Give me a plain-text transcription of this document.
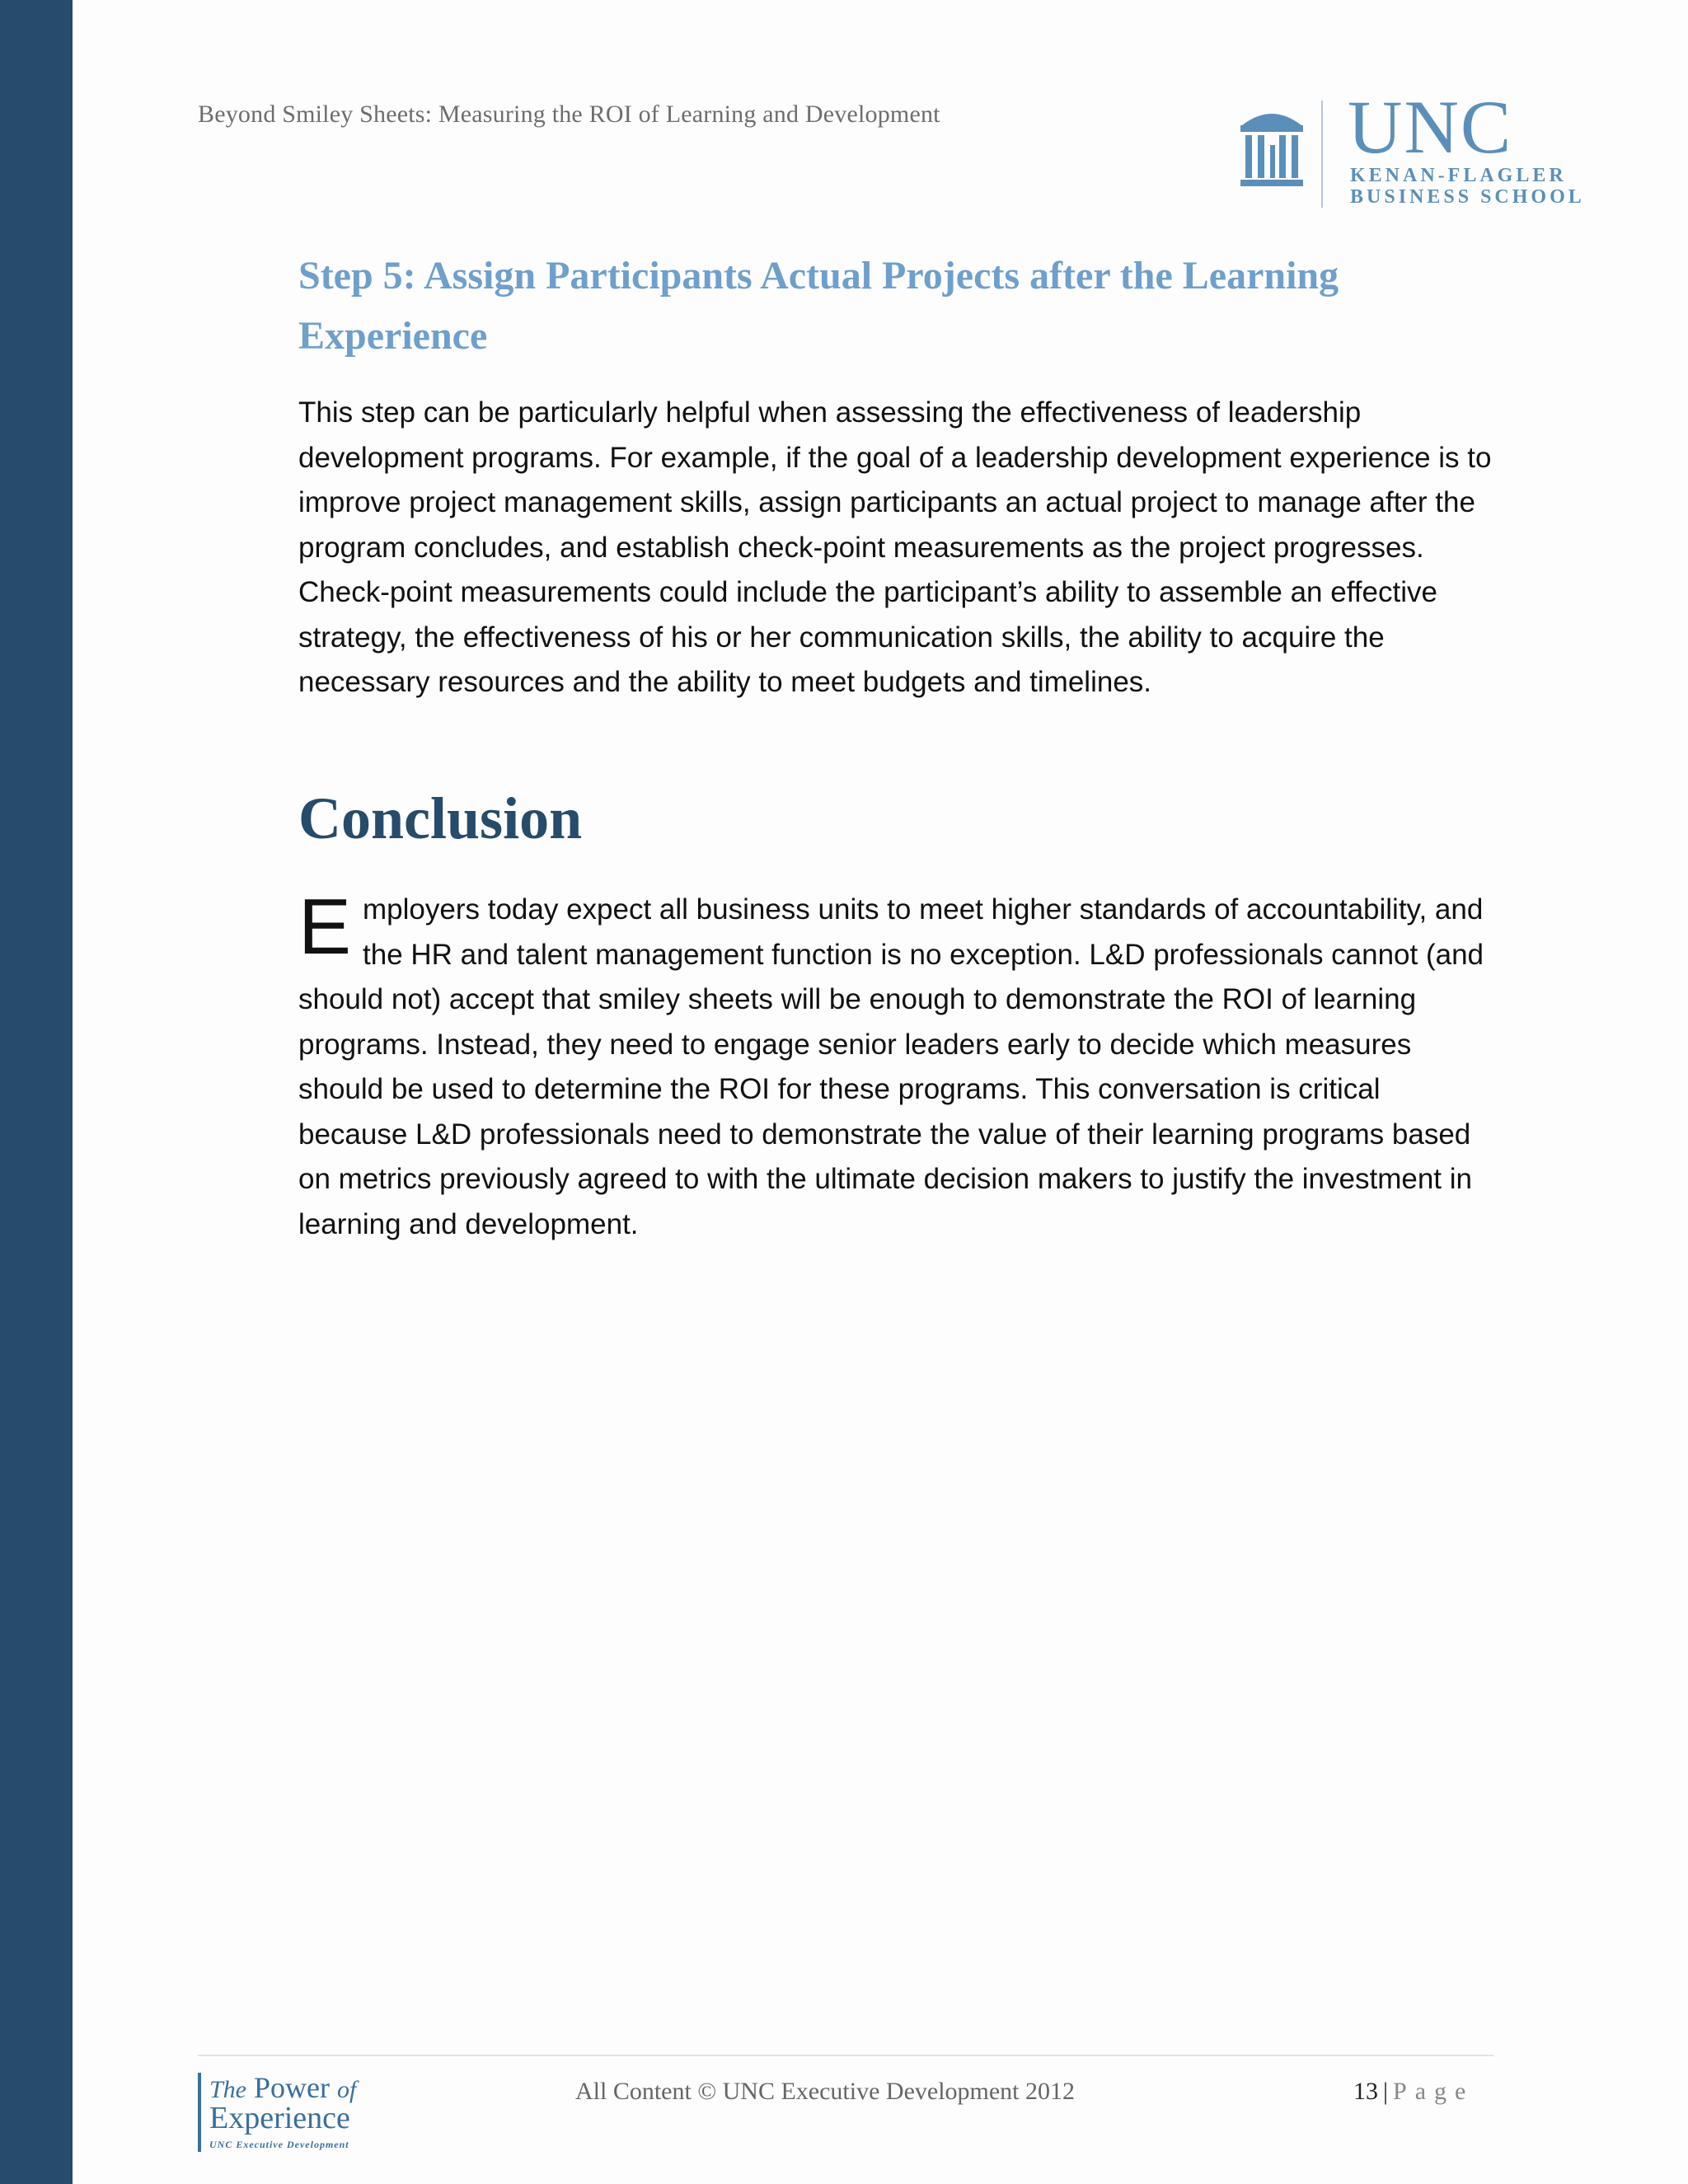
Beyond Smiley Sheets: Measuring the ROI of Learning and Development	UNC
KENAN-FLAGLER
BUSINESS SCHOOL
Step 5: Assign Participants Actual Projects after the Learning Experience

This step can be particularly helpful when assessing the effectiveness of leadership development programs. For example, if the goal of a leadership development experience is to improve project management skills, assign participants an actual project to manage after the program concludes, and establish check-point measurements as the project progresses. Check-point measurements could include the participant’s ability to assemble an effective strategy, the effectiveness of his or her communication skills, the ability to acquire the necessary resources and the ability to meet budgets and timelines.

Conclusion

Employers today expect all business units to meet higher standards of accountability, and the HR and talent management function is no exception. L&D professionals cannot (and should not) accept that smiley sheets will be enough to demonstrate the ROI of learning programs. Instead, they need to engage senior leaders early to decide which measures should be used to determine the ROI for these programs. This conversation is critical because L&D professionals need to demonstrate the value of their learning programs based on metrics previously agreed to with the ultimate decision makers to justify the investment in learning and development.

The Power of
Experience
UNC Executive Development
All Content © UNC Executive Development 2012	13 | Page
